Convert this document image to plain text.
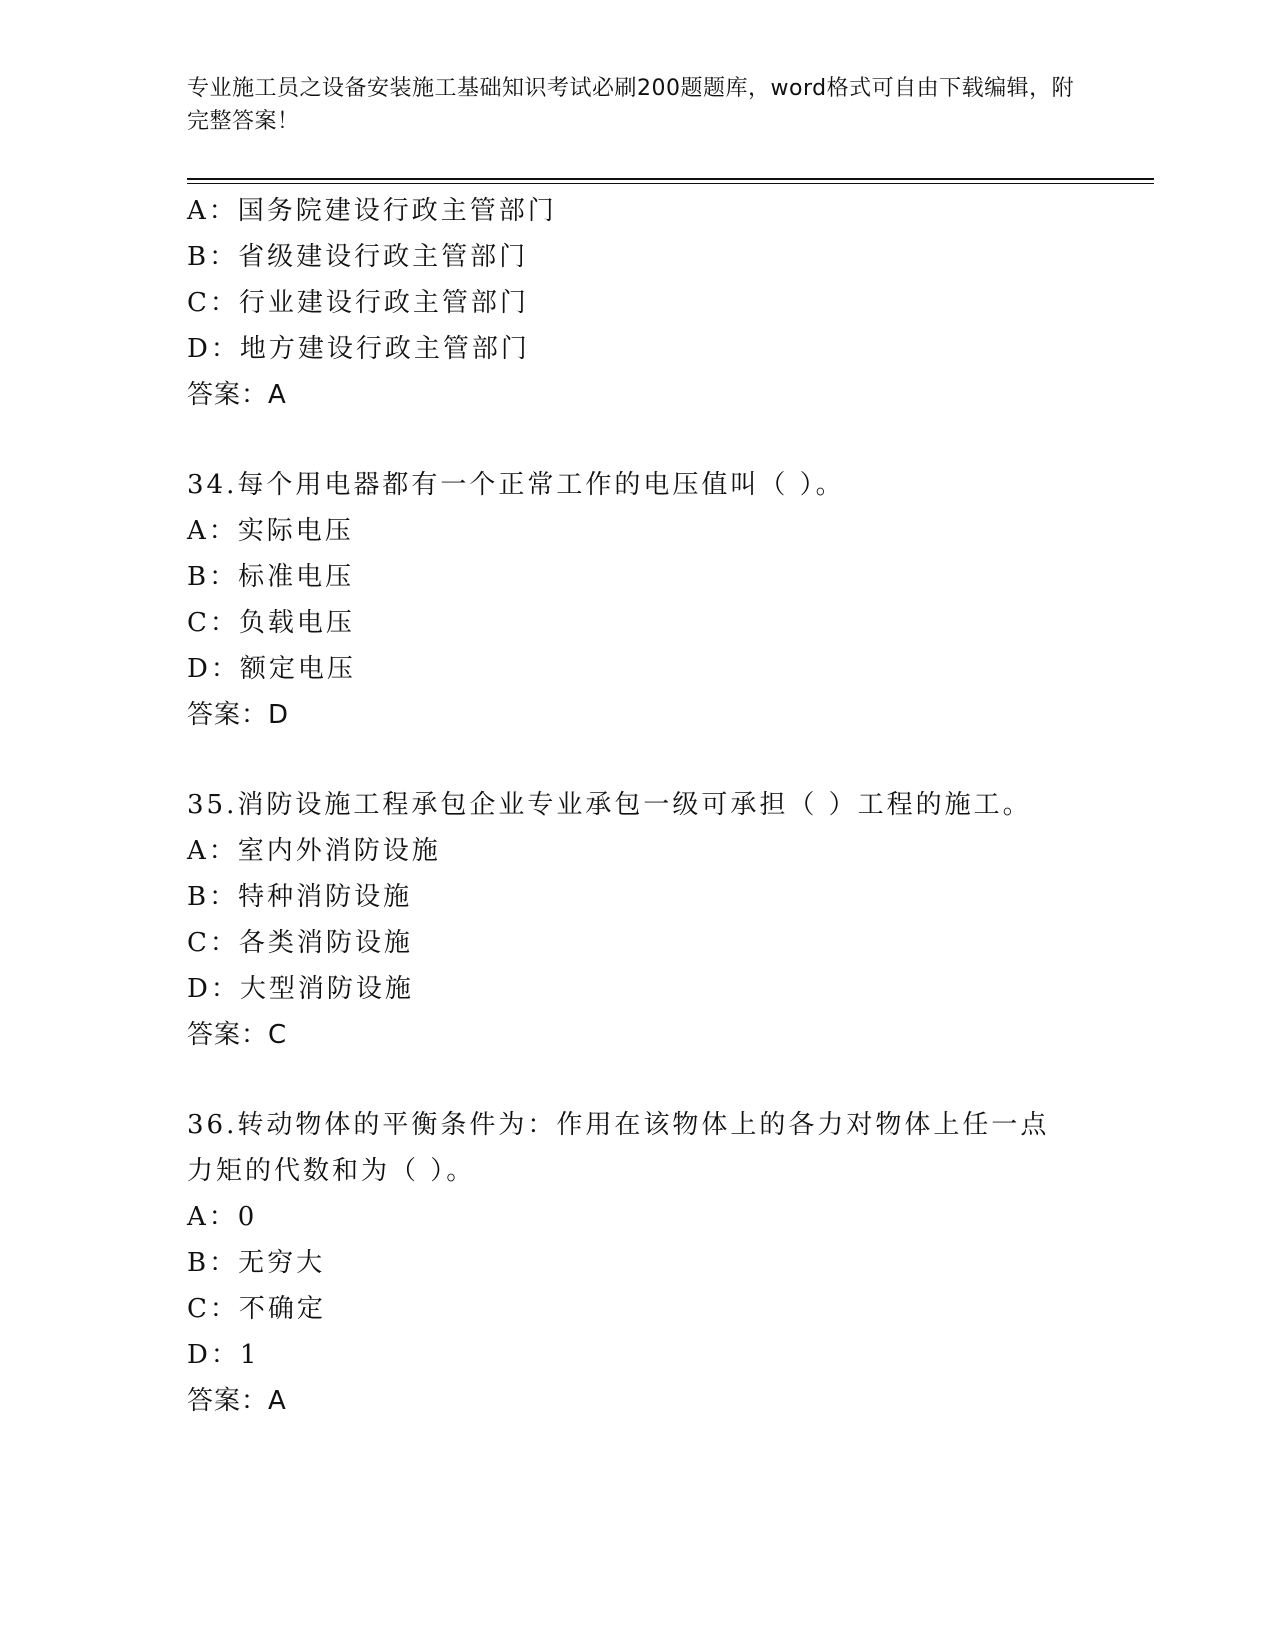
专业施工员之设备安装施工基础知识考试必刷200题题库，word格式可自由下载编辑，附完整答案！
A：国务院建设行政主管部门
B：省级建设行政主管部门
C：行业建设行政主管部门
D：地方建设行政主管部门
答案：A
34.每个用电器都有一个正常工作的电压值叫（ ）。
A：实际电压
B：标准电压
C：负载电压
D：额定电压
答案：D
35.消防设施工程承包企业专业承包一级可承担（ ）工程的施工。
A：室内外消防设施
B：特种消防设施
C：各类消防设施
D：大型消防设施
答案：C
36.转动物体的平衡条件为：作用在该物体上的各力对物体上任一点力矩的代数和为（ ）。
A：0
B：无穷大
C：不确定
D：1
答案：A
